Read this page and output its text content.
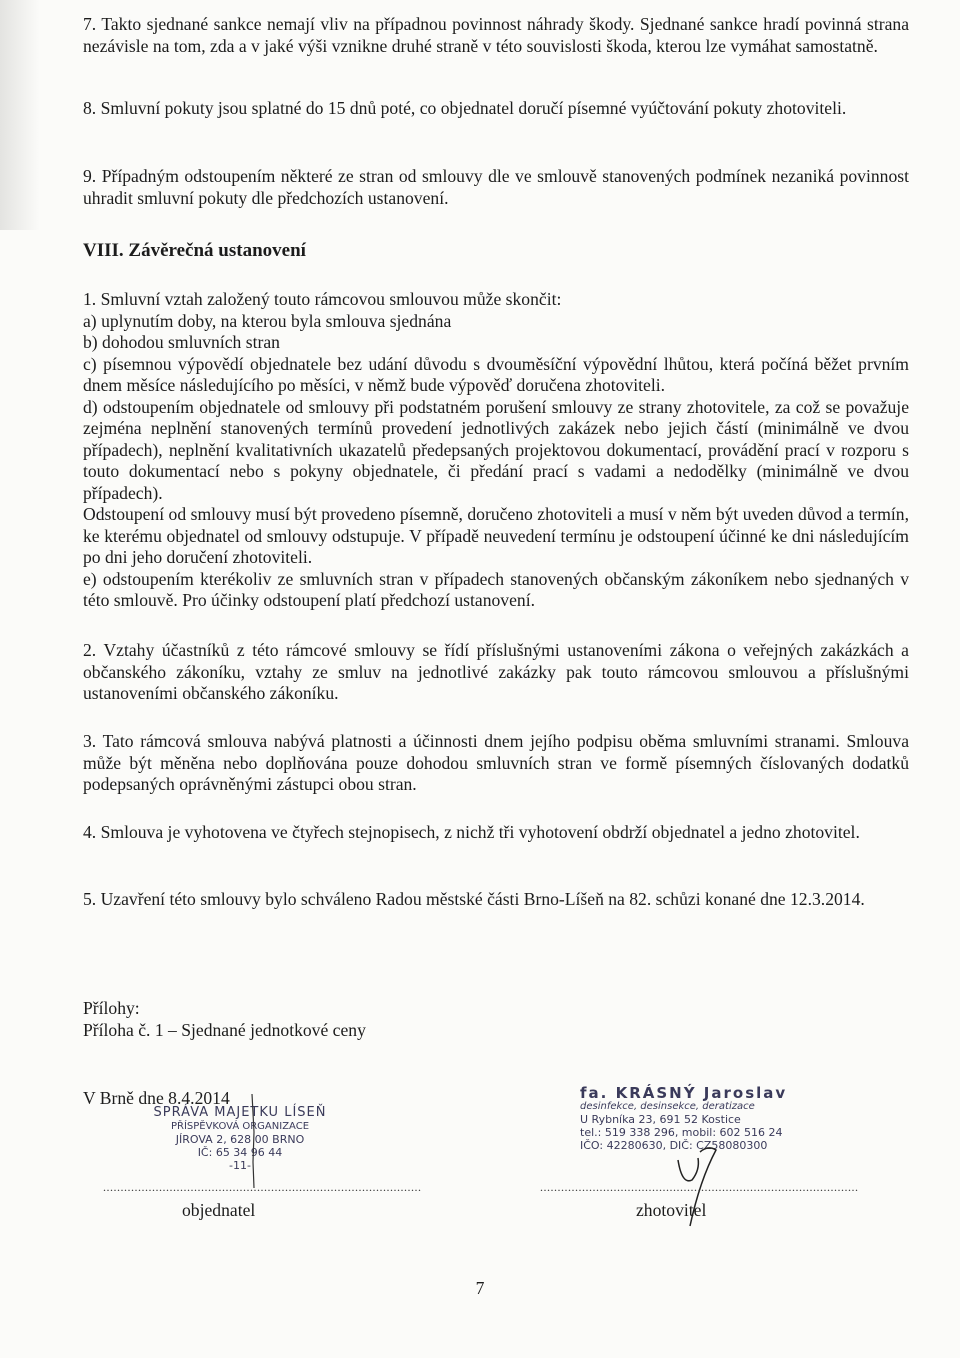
7. Takto sjednané sankce nemají vliv na případnou povinnost náhrady škody. Sjednané sankce hradí povinná strana nezávisle na tom, zda a v jaké výši vznikne druhé straně v této souvislosti škoda, kterou lze vymáhat samostatně.

8. Smluvní pokuty jsou splatné do 15 dnů poté, co objednatel doručí písemné vyúčtování pokuty zhotoviteli.

9. Případným odstoupením některé ze stran od smlouvy dle ve smlouvě stanovených podmínek nezaniká povinnost uhradit smluvní pokuty dle předchozích ustanovení.

VIII. Závěrečná ustanovení

1. Smluvní vztah založený touto rámcovou smlouvou může skončit:

a) uplynutím doby, na kterou byla smlouva sjednána

b) dohodou smluvních stran

c) písemnou výpovědí objednatele bez udání důvodu s dvouměsíční výpovědní lhůtou, která počíná běžet prvním dnem měsíce následujícího po měsíci, v němž bude výpověď doručena zhotoviteli.

d) odstoupením objednatele od smlouvy při podstatném porušení smlouvy ze strany zhotovitele, za což se považuje zejména neplnění stanovených termínů provedení jednotlivých zakázek nebo jejich částí (minimálně ve dvou případech), neplnění kvalitativních ukazatelů předepsaných projektovou dokumentací, provádění prací v rozporu s touto dokumentací nebo s pokyny objednatele, či předání prací s vadami a nedodělky (minimálně ve dvou případech).

Odstoupení od smlouvy musí být provedeno písemně, doručeno zhotoviteli a musí v něm být uveden důvod a termín, ke kterému objednatel od smlouvy odstupuje. V případě neuvedení termínu je odstoupení účinné ke dni následujícím po dni jeho doručení zhotoviteli.

e) odstoupením kterékoliv ze smluvních stran v případech stanovených občanským zákoníkem nebo sjednaných v této smlouvě. Pro účinky odstoupení platí předchozí ustanovení.

2. Vztahy účastníků z této rámcové smlouvy se řídí příslušnými ustanoveními zákona o veřejných zakázkách a občanského zákoníku, vztahy ze smluv na jednotlivé zakázky pak touto rámcovou smlouvou a příslušnými ustanoveními občanského zákoníku.

3. Tato rámcová smlouva nabývá platnosti a účinnosti dnem jejího podpisu oběma smluvními stranami. Smlouva může být měněna nebo doplňována pouze dohodou smluvních stran ve formě písemných číslovaných dodatků podepsaných oprávněnými zástupci obou stran.

4. Smlouva je vyhotovena ve čtyřech stejnopisech, z nichž tři vyhotovení obdrží objednatel a jedno zhotovitel.

5. Uzavření této smlouvy bylo schváleno Radou městské části Brno-Líšeň na 82. schůzi konané dne 12.3.2014.

Přílohy:

Příloha č. 1 – Sjednané jednotkové ceny

V Brně dne 8.4.2014

SPRÁVA MAJETKU LÍSEŇ
PŘÍSPĚVKOVÁ ORGANIZACE
JÍROVA 2, 628 00 BRNO
IČ: 65 34 96 44
-11-
fa. KRÁSNÝ Jaroslav
desinfekce, desinsekce, deratizace
U Rybníka 23, 691 52 Kostice
tel.: 519 338 296, mobil: 602 516 24
IČO: 42280630, DIČ: CZ58080300
...........................................................................................	...........................................................................................
objednatel	zhotovitel
7
